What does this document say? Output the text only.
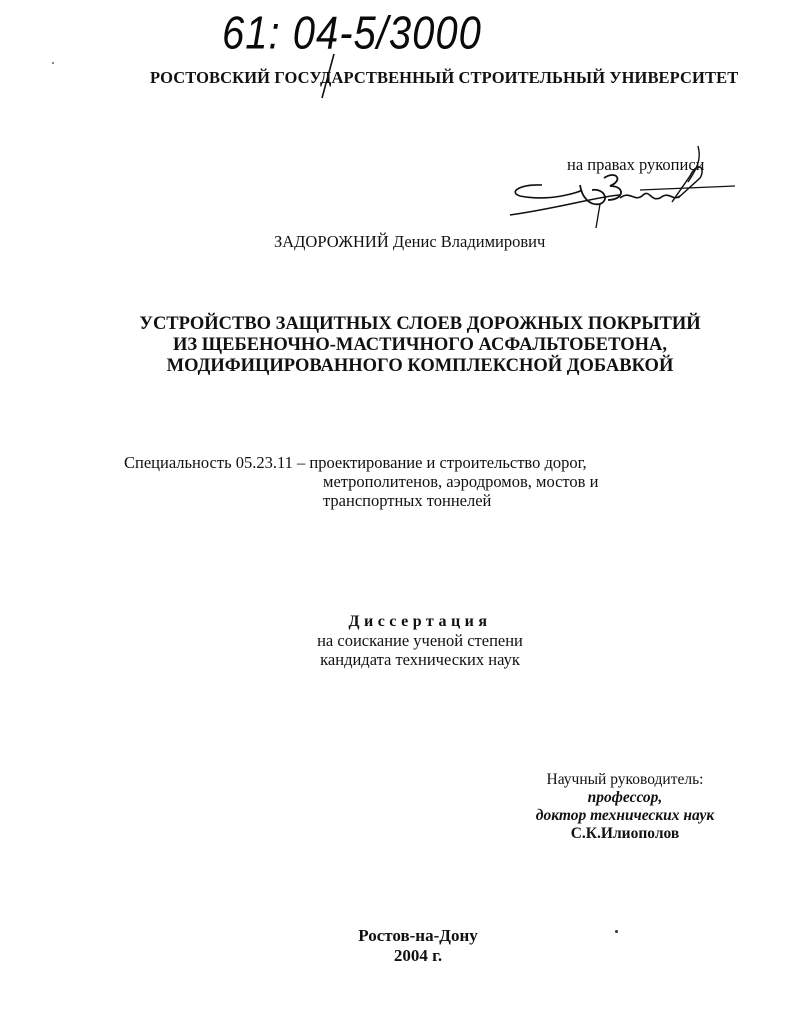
61: 04-5/3000
РОСТОВСКИЙ ГОСУДАРСТВЕННЫЙ СТРОИТЕЛЬНЫЙ УНИВЕРСИТЕТ
на правах рукописи
ЗАДОРОЖНИЙ Денис Владимирович
УСТРОЙСТВО ЗАЩИТНЫХ СЛОЕВ ДОРОЖНЫХ ПОКРЫТИЙ
ИЗ ЩЕБЕНОЧНО-МАСТИЧНОГО АСФАЛЬТОБЕТОНА,
МОДИФИЦИРОВАННОГО КОМПЛЕКСНОЙ ДОБАВКОЙ
Специальность 05.23.11 – проектирование и строительство дорог,
метрополитенов, аэродромов, мостов и
транспортных тоннелей
Диссертация
на соискание ученой степени
кандидата технических наук
Научный руководитель:
профессор,
доктор технических наук
С.К.Илиополов
Ростов-на-Дону
2004 г.
